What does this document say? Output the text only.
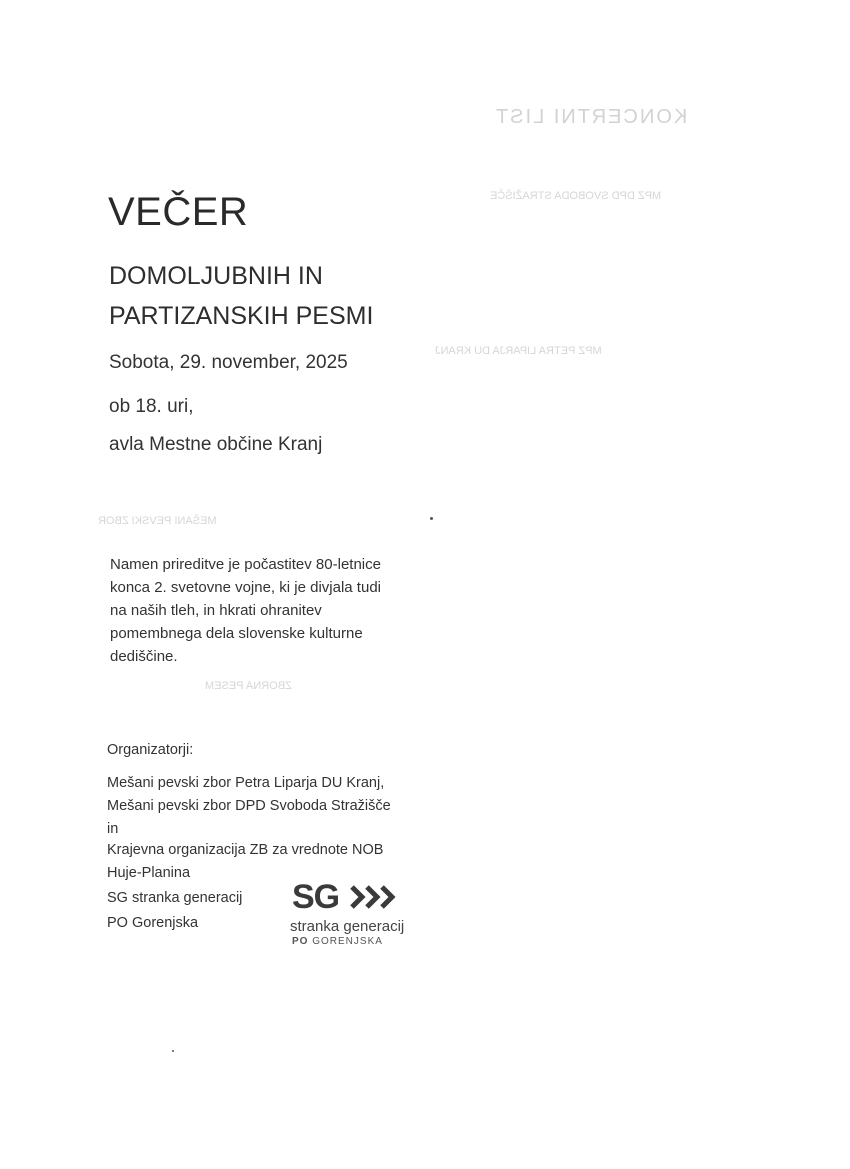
KONCERTNI LIST
MPZ DPD SVOBODA STRAŽIŠČE
MPZ PETRA LIPARJA DU KRANJ
MEŠANI PEVSKI ZBOR
ZBORNA PESEM
VEČER
DOMOLJUBNIH IN
PARTIZANSKIH PESMI
Sobota, 29. november, 2025
ob 18. uri,
avla Mestne občine Kranj
Namen prireditve je počastitev 80-letnice
konca 2. svetovne vojne, ki je divjala tudi
na naših tleh, in hkrati ohranitev
pomembnega dela slovenske kulturne
dediščine.
Organizatorji:
Mešani pevski zbor Petra Liparja DU Kranj,
Mešani pevski zbor DPD Svoboda Stražišče
in
Krajevna organizacija ZB za vrednote NOB
Huje-Planina
SG stranka generacij
PO Gorenjska
SG
stranka generacij
PO GORENJSKA
